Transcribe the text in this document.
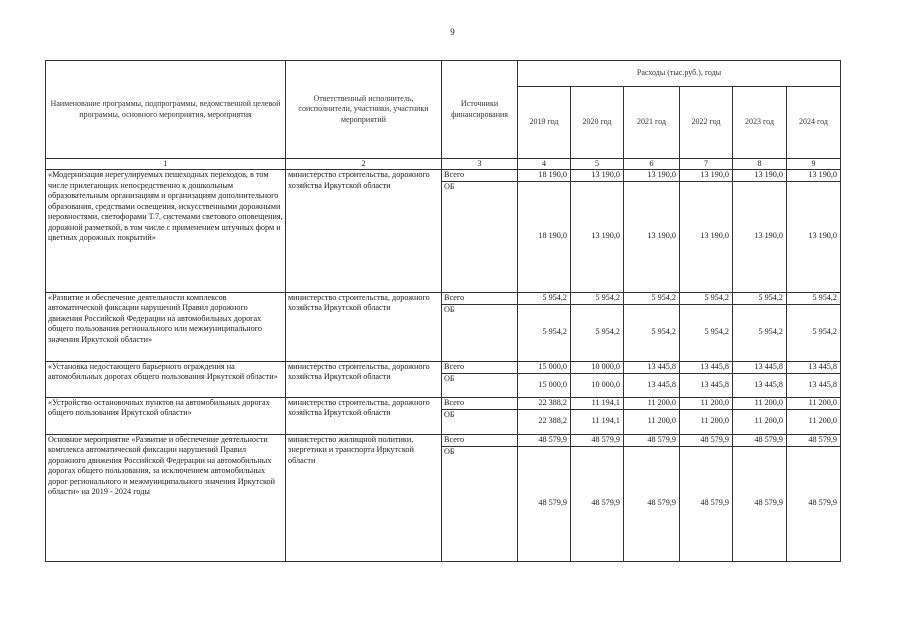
9
Наименование программы, подпрограммы, ведомственной целевой программы, основного мероприятия, мероприятия	Ответственный исполнитель, соисполнители, участники, участники мероприятий	Источники финансирования	Расходы (тыс.руб.), годы					
			2019 год	2020 год	2021 год	2022 год	2023 год	2024 год
1	2	3	4	5	6	7	8	9
«Модернизация нерегулируемых пешеходных переходов, в том числе прилегающих непосредственно к дошкольным образовательным организациям и организациям дополнительного образования, средствами освещения, искусственными дорожными неровностями, светофорами Т.7, системами светового оповещения, дорожной разметкой, в том числе с применением штучных форм и цветных дорожных покрытий»	министерство строительства, дорожного хозяйства Иркутской области	Всего	18 190,0	13 190,0	13 190,0	13 190,0	13 190,0	13 190,0
		ОБ	18 190,0	13 190,0	13 190,0	13 190,0	13 190,0	13 190,0
«Развитие и обеспечение деятельности комплексов автоматической фиксации нарушений Правил дорожного движения Российской Федерации на автомобильных дорогах общего пользования регионального или межмуниципального значения Иркутской области»	министерство строительства, дорожного хозяйства Иркутской области	Всего	5 954,2	5 954,2	5 954,2	5 954,2	5 954,2	5 954,2
		ОБ	5 954,2	5 954,2	5 954,2	5 954,2	5 954,2	5 954,2
«Установка недостающего барьерного ограждения на автомобильных дорогах общего пользования Иркутской области»	министерство строительства, дорожного хозяйства Иркутской области	Всего	15 000,0	10 000,0	13 445,8	13 445,8	13 445,8	13 445,8
		ОБ	15 000,0	10 000,0	13 445,8	13 445,8	13 445,8	13 445,8
«Устройство остановочных пунктов на автомобильных дорогах общего пользования Иркутской области»	министерство строительства, дорожного хозяйства Иркутской области	Всего	22 388,2	11 194,1	11 200,0	11 200,0	11 200,0	11 200,0
		ОБ	22 388,2	11 194,1	11 200,0	11 200,0	11 200,0	11 200,0
Основное мероприятие «Развитие и обеспечение деятельности комплекса автоматической фиксации нарушений Правил дорожного движения Российской Федерации на автомобильных дорогах общего пользования, за исключением автомобильных дорог регионального и межмуниципального значения Иркутской области» на 2019 - 2024 годы	министерство жилищной политики, энергетики и транспорта Иркутской области	Всего	48 579,9	48 579,9	48 579,9	48 579,9	48 579,9	48 579,9
		ОБ	48 579,9	48 579,9	48 579,9	48 579,9	48 579,9	48 579,9
